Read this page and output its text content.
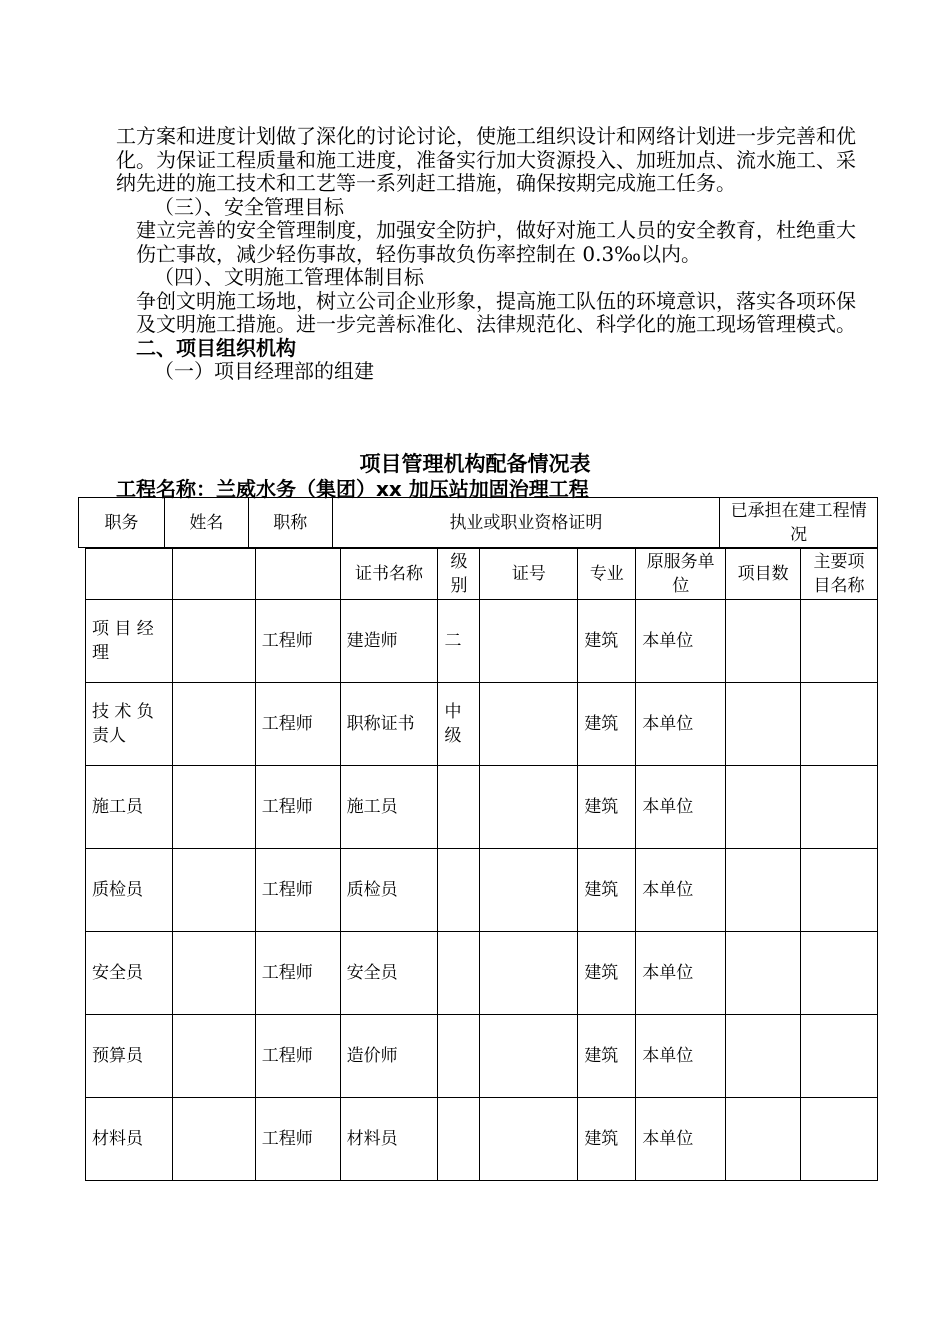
工方案和进度计划做了深化的讨论讨论，使施工组织设计和网络计划进一步完善和优化。为保证工程质量和施工进度，准备实行加大资源投入、加班加点、流水施工、采纳先进的施工技术和工艺等一系列赶工措施，确保按期完成施工任务。

（三）、安全管理目标

建立完善的安全管理制度，加强安全防护，做好对施工人员的安全教育，杜绝重大伤亡事故，减少轻伤事故，轻伤事故负伤率控制在 0.3‰以内。

（四）、文明施工管理体制目标

争创文明施工场地，树立公司企业形象，提高施工队伍的环境意识，落实各项环保及文明施工措施。进一步完善标准化、法律规范化、科学化的施工现场管理模式。

二、项目组织机构

（一）项目经理部的组建

项目管理机构配备情况表
工程名称：兰威水务（集团）xx 加压站加固治理工程
职务	姓名	职称	执业或职业资格证明	已承担在建工程情况
			证书名称	级别	证号	专业	原服务单位	项目数	主要项目名称
项 目 经理		工程师	建造师	二		建筑	本单位		
技 术 负责人		工程师	职称证书	中级		建筑	本单位		
施工员		工程师	施工员			建筑	本单位		
质检员		工程师	质检员			建筑	本单位		
安全员		工程师	安全员			建筑	本单位		
预算员		工程师	造价师			建筑	本单位		
材料员		工程师	材料员			建筑	本单位		
